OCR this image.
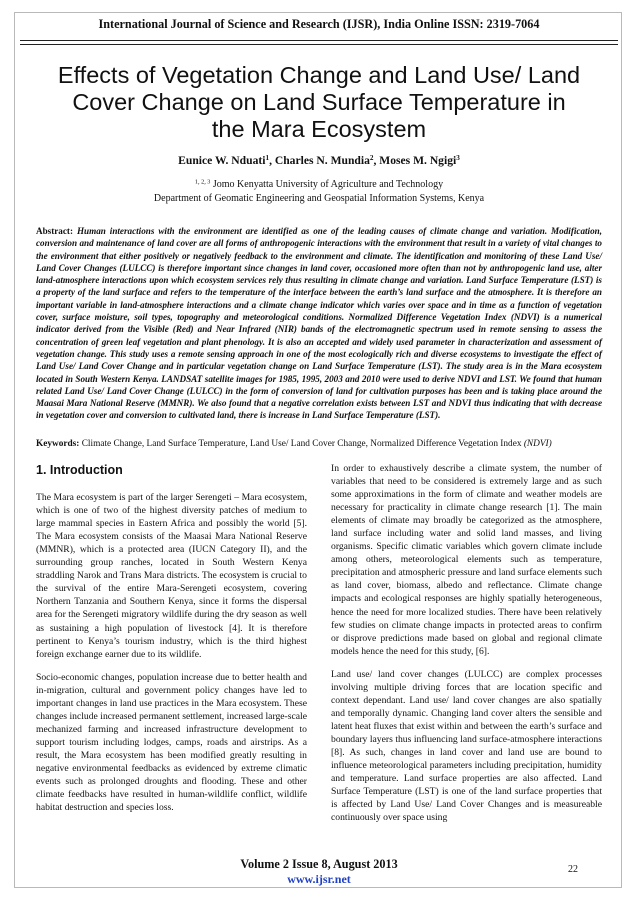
International Journal of Science and Research (IJSR), India Online ISSN: 2319-7064
Effects of Vegetation Change and Land Use/ Land
Cover Change on Land Surface Temperature in
the Mara Ecosystem
Eunice W. Nduati$^1$, Charles N. Mundia$^2$, Moses M. Ngigi$^3$
$^{1, 2, 3}$ Jomo Kenyatta University of Agriculture and Technology
Department of Geomatic Engineering and Geospatial Information Systems, Kenya
Abstract: Human interactions with the environment are identified as one of the leading causes of climate change and variation. Modification, conversion and maintenance of land cover are all forms of anthropogenic interactions with the environment that result in a variety of vital changes to the environment that either positively or negatively feedback to the environment and climate. The identification and monitoring of these Land Use/ Land Cover Changes (LULCC) is therefore important since changes in land cover, occasioned more often than not by anthropogenic land use, alter land-atmosphere interactions upon which ecosystem services rely thus resulting in climate change and variation. Land Surface Temperature (LST) is a property of the land surface and refers to the temperature of the interface between the earth’s land surface and the atmosphere. It is therefore an important variable in land-atmosphere interactions and a climate change indicator which varies over space and in time as a function of vegetation cover, surface moisture, soil types, topography and meteorological conditions. Normalized Difference Vegetation Index (NDVI) is a numerical indicator derived from the Visible (Red) and Near Infrared (NIR) bands of the electromagnetic spectrum used in remote sensing to assess the concentration of green leaf vegetation and plant phenology. It is also an accepted and widely used parameter in characterization and assessment of vegetation change. This study uses a remote sensing approach in one of the most ecologically rich and diverse ecosystems to investigate the effect of Land Use/ Land Cover Change and in particular vegetation change on Land Surface Temperature (LST). The study area is in the Mara ecosystem located in South Western Kenya. LANDSAT satellite images for 1985, 1995, 2003 and 2010 were used to derive NDVI and LST. We found that human related Land Use/ Land Cover Change (LULCC) in the form of conversion of land for cultivation purposes has been and is taking place around the Maasai Mara National Reserve (MMNR). We also found that a negative correlation exists between LST and NDVI thus indicating that with decrease in vegetation cover and conversion to cultivated land, there is increase in Land Surface Temperature (LST).
Keywords: Climate Change, Land Surface Temperature, Land Use/ Land Cover Change, Normalized Difference Vegetation Index (NDVI)
1. Introduction

The Mara ecosystem is part of the larger Serengeti – Mara ecosystem, which is one of two of the highest diversity patches of medium to large mammal species in Eastern Africa and possibly the world [5]. The Mara ecosystem consists of the Maasai Mara National Reserve (MMNR), which is a protected area (IUCN Category II), and the surrounding group ranches, located in South Western Kenya straddling Narok and Trans Mara districts. The ecosystem is crucial to the survival of the entire Mara-Serengeti ecosystem, covering Northern Tanzania and Southern Kenya, since it forms the dispersal area for the Serengeti migratory wildlife during the dry season as well as sustaining a high population of livestock [4]. It is therefore pertinent to Kenya’s tourism industry, which is the third highest foreign exchange earner due to its wildlife.

Socio-economic changes, population increase due to better health and in-migration, cultural and government policy changes have led to important changes in land use practices in the Mara ecosystem. These changes include increased permanent settlement, increased large-scale mechanized farming and increased infrastructure development to support tourism including lodges, camps, roads and airstrips. As a result, the Mara ecosystem has been modified greatly resulting in negative environmental feedbacks as evidenced by extreme climatic events such as prolonged droughts and flooding. These and other climate feedbacks have resulted in human-wildlife conflict, wildlife habitat destruction and species loss.

In order to exhaustively describe a climate system, the number of variables that need to be considered is extremely large and as such some approximations in the form of climate and weather models are necessary for practicality in climate change research [1]. The main elements of climate may broadly be categorized as the atmosphere, land surface including water and solid land masses, and living organisms. Specific climatic variables which govern climate include among others, meteorological elements such as temperature, precipitation and atmospheric pressure and land surface elements such as land cover, biomass, albedo and reflectance. Climate change impacts and ecological responses are highly spatially heterogeneous, hence the need for more localized studies. There have been relatively few studies on climate change impacts in protected areas to confirm or disprove predictions made based on global and regional climate models hence the need for this study, [6].

Land use/ land cover changes (LULCC) are complex processes involving multiple driving forces that are location specific and context dependant. Land use/ land cover changes are also spatially and temporally dynamic. Changing land cover alters the sensible and latent heat fluxes that exist within and between the earth’s surface and boundary layers thus influencing land surface-atmosphere interactions [8]. As such, changes in land cover and land use are bound to influence meteorological parameters including precipitation, humidity and temperature. Land surface properties are also affected. Land Surface Temperature (LST) is one of the land surface properties that is affected by Land Use/ Land Cover Changes and is measureable continuously over space using

Volume 2 Issue 8, August 2013
www.ijsr.net
22
